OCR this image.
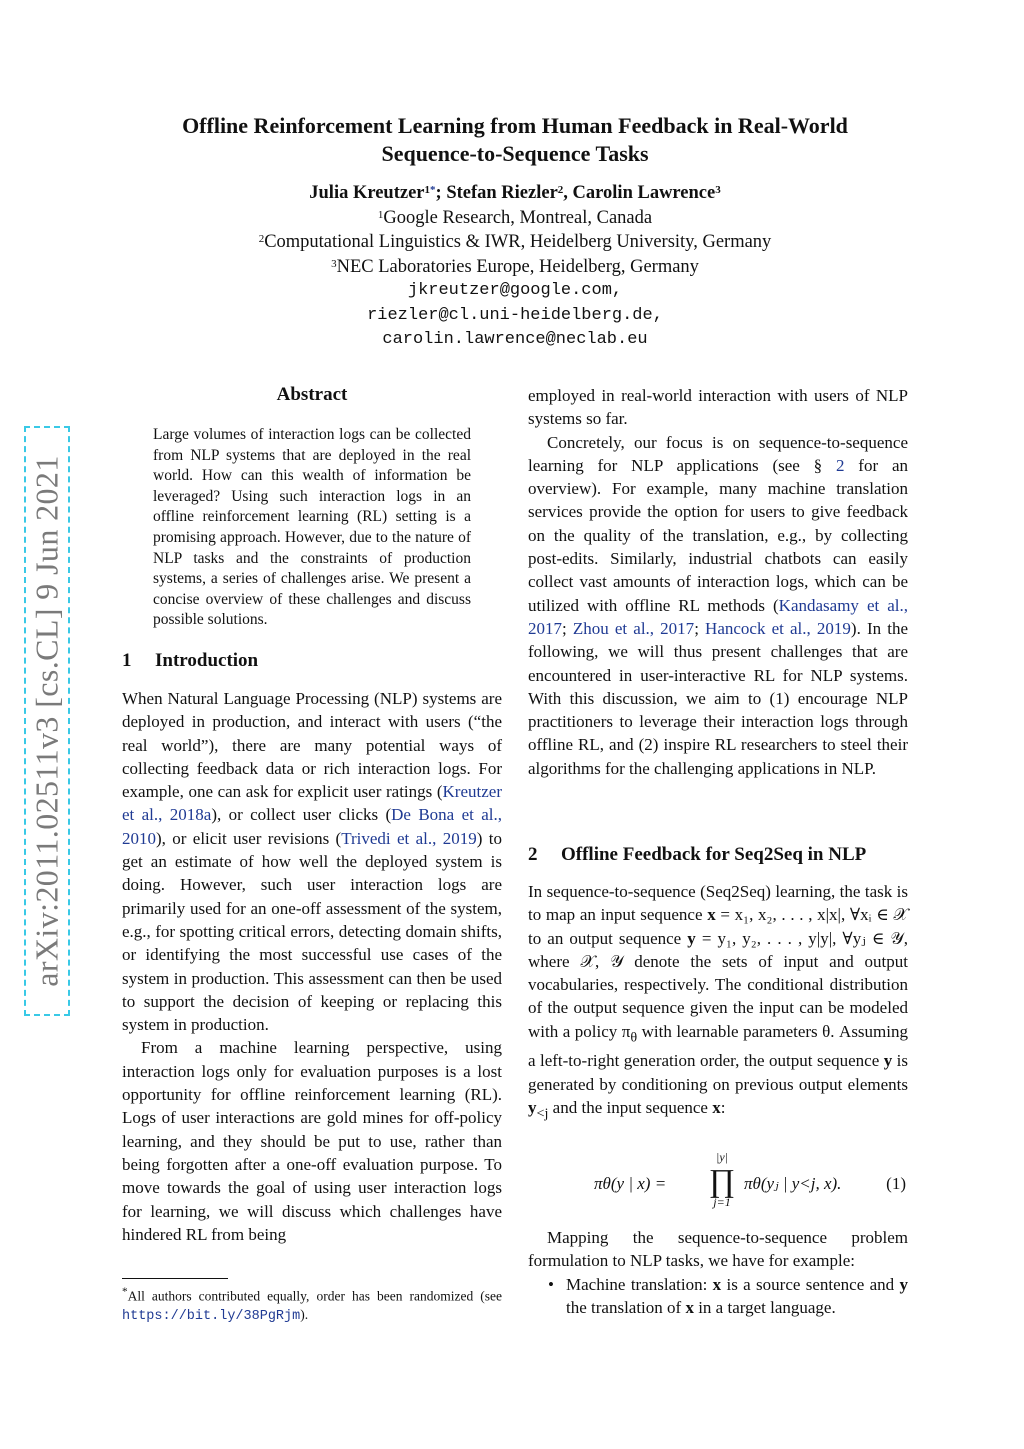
Offline Reinforcement Learning from Human Feedback in Real-World
Sequence-to-Sequence Tasks
Julia Kreutzer$^{1*}$; Stefan Riezler$^2$, Carolin Lawrence$^3$
$^1$Google Research, Montreal, Canada
$^2$Computational Linguistics & IWR, Heidelberg University, Germany
$^3$NEC Laboratories Europe, Heidelberg, Germany
jkreutzer@google.com,
riezler@cl.uni-heidelberg.de,
carolin.lawrence@neclab.eu
arXiv:2011.02511v3 [cs.CL] 9 Jun 2021
Abstract
Large volumes of interaction logs can be collected from NLP systems that are deployed in the real world. How can this wealth of information be leveraged? Using such interaction logs in an offline reinforcement learning (RL) setting is a promising approach. However, due to the nature of NLP tasks and the constraints of production systems, a series of challenges arise. We present a concise overview of these challenges and discuss possible solutions.
1 Introduction

When Natural Language Processing (NLP) systems are deployed in production, and interact with users (“the real world”), there are many potential ways of collecting feedback data or rich interaction logs. For example, one can ask for explicit user ratings (Kreutzer et al., 2018a), or collect user clicks (De Bona et al., 2010), or elicit user revisions (Trivedi et al., 2019) to get an estimate of how well the deployed system is doing. However, such user interaction logs are primarily used for an one-off assessment of the system, e.g., for spotting critical errors, detecting domain shifts, or identifying the most successful use cases of the system in production. This assessment can then be used to support the decision of keeping or replacing this system in production.

From a machine learning perspective, using interaction logs only for evaluation purposes is a lost opportunity for offline reinforcement learning (RL). Logs of user interactions are gold mines for off-policy learning, and they should be put to use, rather than being forgotten after a one-off evaluation purpose. To move towards the goal of using user interaction logs for learning, we will discuss which challenges have hindered RL from being

*All authors contributed equally, order has been randomized (see https://bit.ly/38PgRjm).

employed in real-world interaction with users of NLP systems so far.

Concretely, our focus is on sequence-to-sequence learning for NLP applications (see § 2 for an overview). For example, many machine translation services provide the option for users to give feedback on the quality of the translation, e.g., by collecting post-edits. Similarly, industrial chatbots can easily collect vast amounts of interaction logs, which can be utilized with offline RL methods (Kandasamy et al., 2017; Zhou et al., 2017; Hancock et al., 2019). In the following, we will thus present challenges that are encountered in user-interactive RL for NLP systems. With this discussion, we aim to (1) encourage NLP practitioners to leverage their interaction logs through offline RL, and (2) inspire RL researchers to steel their algorithms for the challenging applications in NLP.

2 Offline Feedback for Seq2Seq in NLP

In sequence-to-sequence (Seq2Seq) learning, the task is to map an input sequence x = x₁, x₂, . . . , x|x|, ∀xᵢ ∈ 𝒳 to an output sequence y = y₁, y₂, . . . , y|y|, ∀yⱼ ∈ 𝒴, where 𝒳, 𝒴 denote the sets of input and output vocabularies, respectively. The conditional distribution of the output sequence given the input can be modeled with a policy $\pi_\theta$ with learnable parameters θ. Assuming a left-to-right generation order, the output sequence y is generated by conditioning on previous output elements $y_{<j}$ and the input sequence x:

πθ(y | x) =
|y|
∏
j=1
πθ(yⱼ | y<j, x).	(1)

Mapping the sequence-to-sequence problem formulation to NLP tasks, we have for example:

• Machine translation: x is a source sentence and y the translation of x in a target language.
